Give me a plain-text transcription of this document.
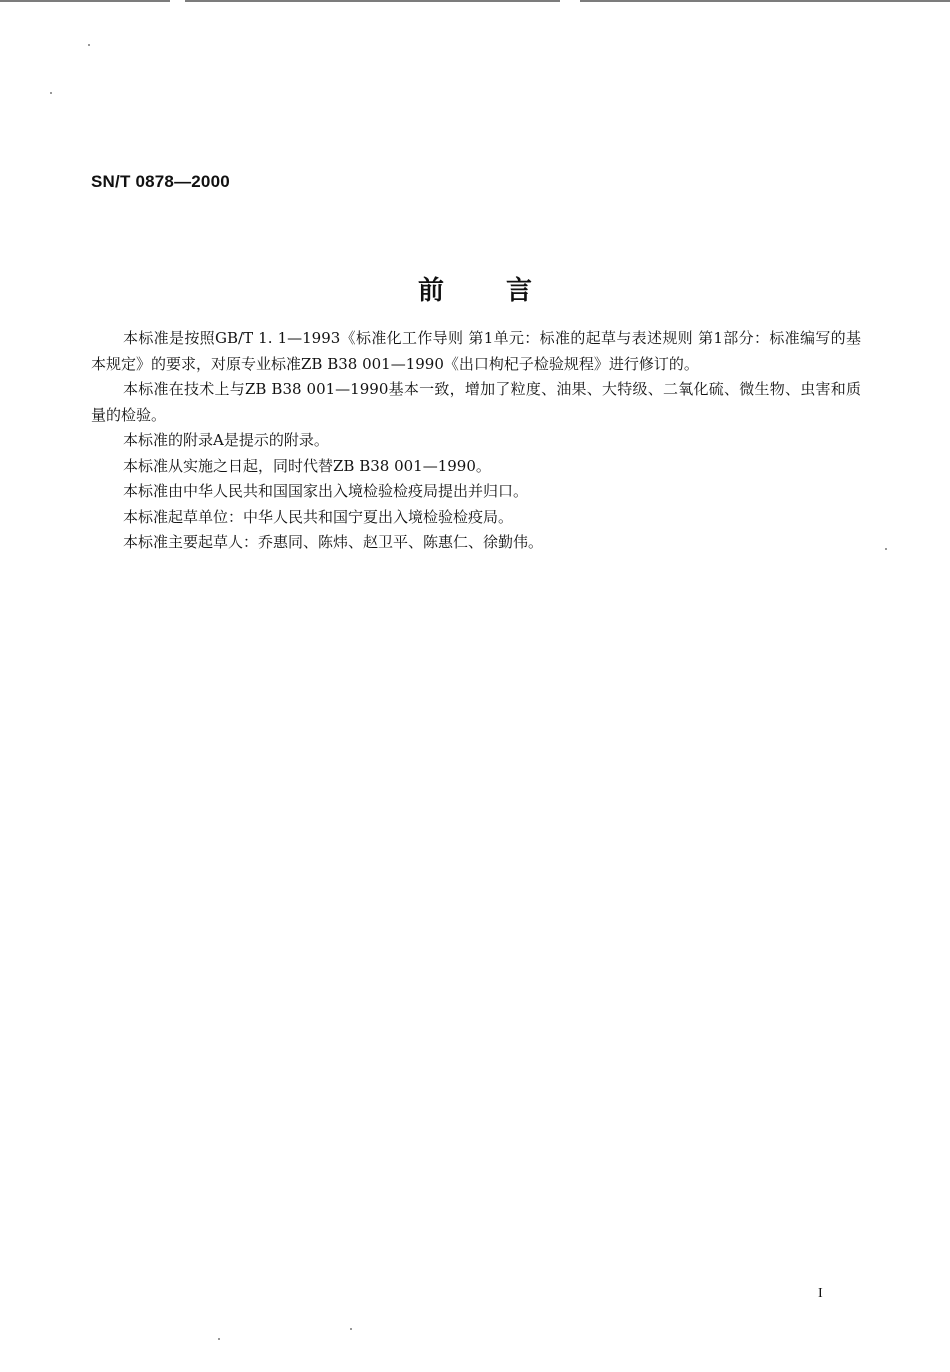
SN/T 0878—2000
前言

本标准是按照GB/T 1. 1—1993《标准化工作导则 第1单元：标准的起草与表述规则 第1部分：标准编写的基本规定》的要求，对原专业标准ZB B38 001—1990《出口枸杞子检验规程》进行修订的。

本标准在技术上与ZB B38 001—1990基本一致，增加了粒度、油果、大特级、二氧化硫、微生物、虫害和质量的检验。

本标准的附录A是提示的附录。

本标准从实施之日起，同时代替ZB B38 001—1990。

本标准由中华人民共和国国家出入境检验检疫局提出并归口。

本标准起草单位：中华人民共和国宁夏出入境检验检疫局。

本标准主要起草人：乔惠同、陈炜、赵卫平、陈惠仁、徐勤伟。

I
